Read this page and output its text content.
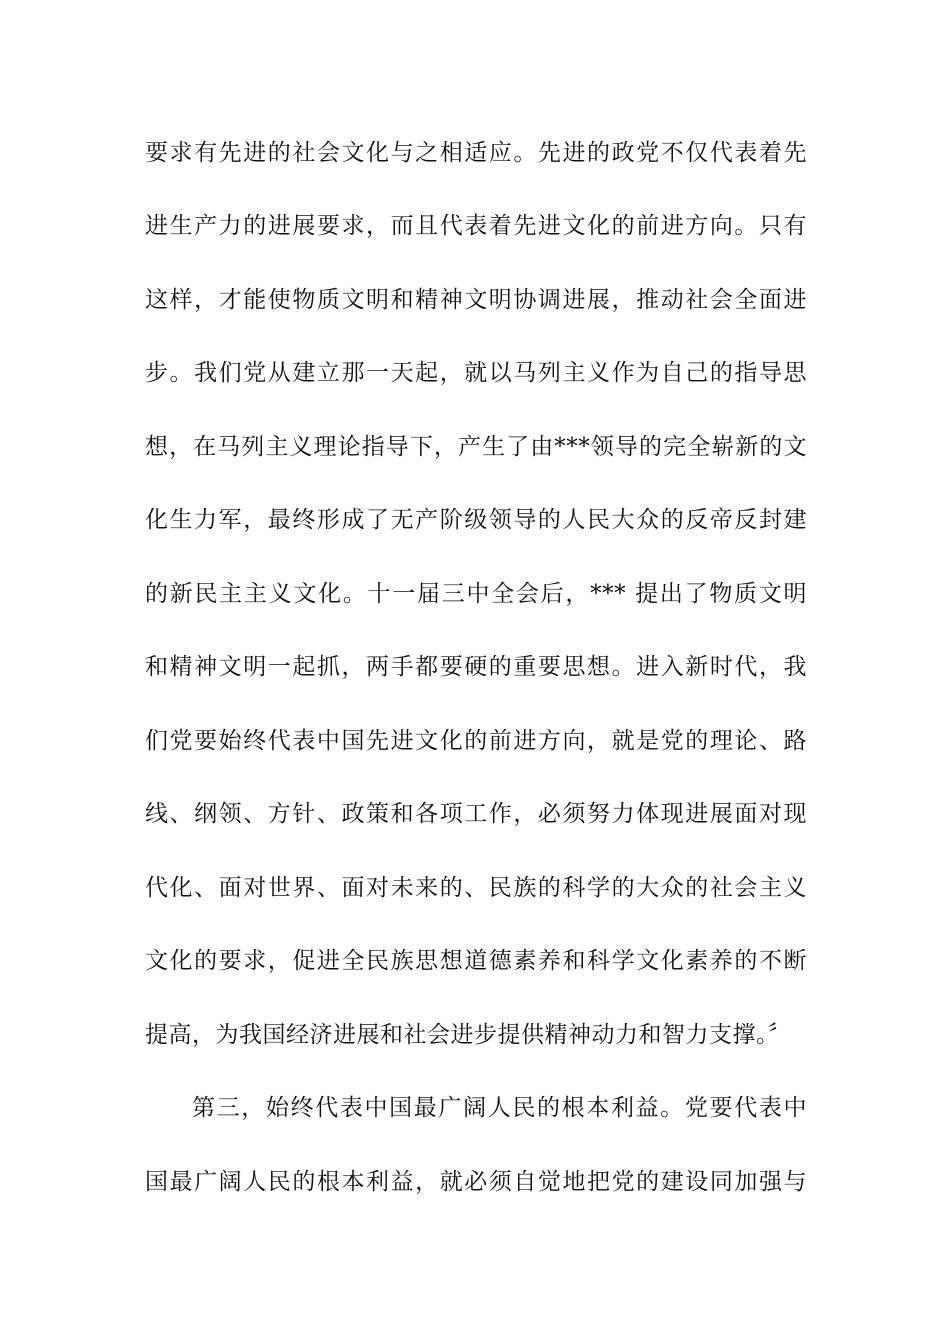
要求有先进的社会文化与之相适应。先进的政党不仅代表着先
进生产力的进展要求，而且代表着先进文化的前进方向。只有
这样，才能使物质文明和精神文明协调进展，推动社会全面进
步。我们党从建立那一天起，就以马列主义作为自己的指导思
想，在马列主义理论指导下，产生了由***领导的完全崭新的文
化生力军，最终形成了无产阶级领导的人民大众的反帝反封建
的新民主主义文化。十一届三中全会后，*** 提出了物质文明
和精神文明一起抓，两手都要硬的重要思想。进入新时代，我
们党要始终代表中国先进文化的前进方向，就是党的理论、路
线、纲领、方针、政策和各项工作，必须努力体现进展面对现
代化、面对世界、面对未来的、民族的科学的大众的社会主义
文化的要求，促进全民族思想道德素养和科学文化素养的不断
提高，为我国经济进展和社会进步提供精神动力和智力支撑。〞
第三，始终代表中国最广阔人民的根本利益。党要代表中
国最广阔人民的根本利益，就必须自觉地把党的建设同加强与
